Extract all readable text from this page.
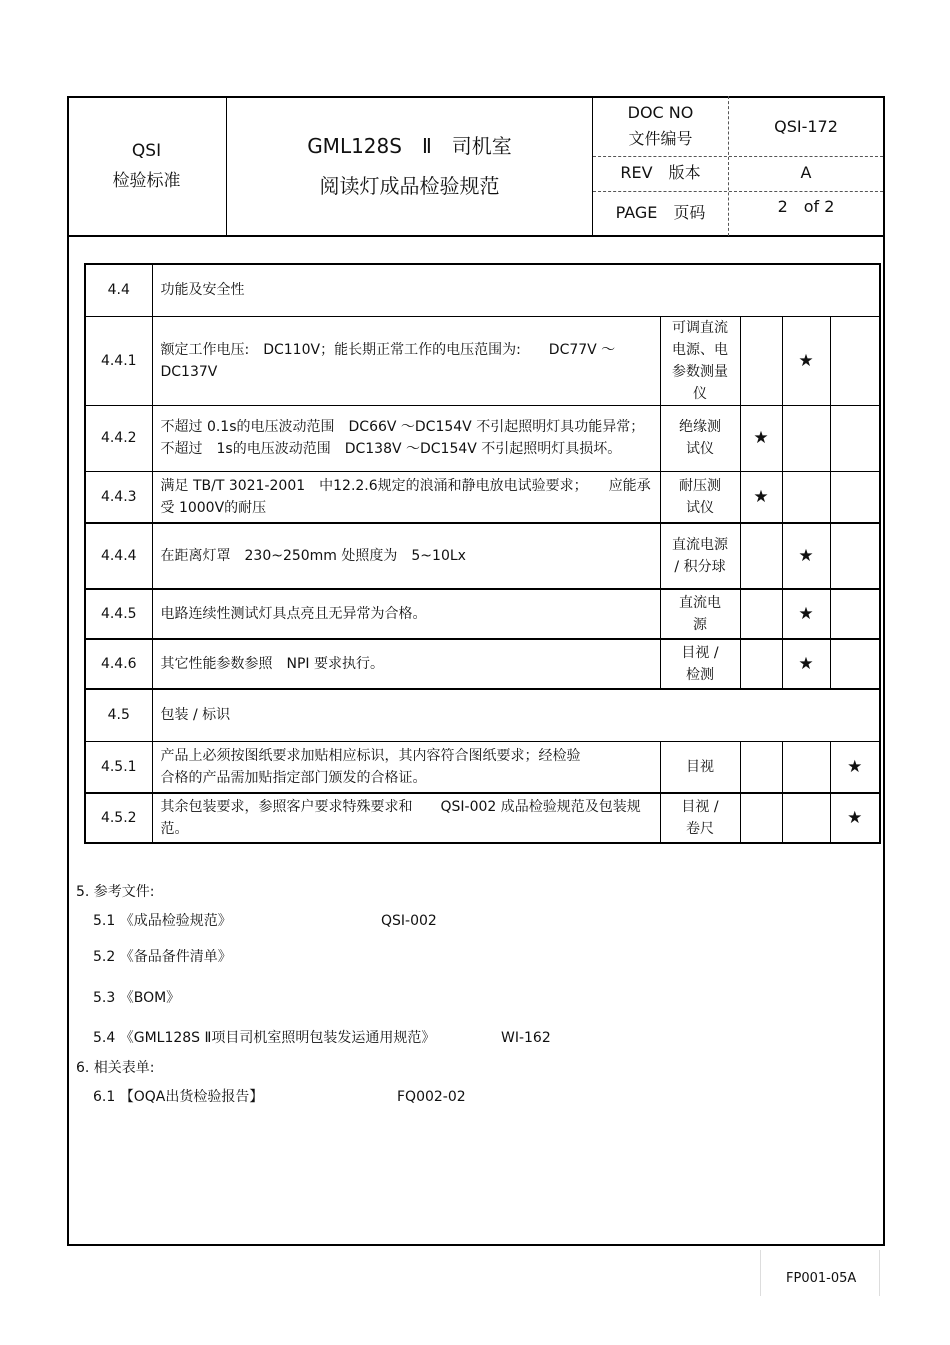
QSI
检验标准
GML128S　Ⅱ　司机室
阅读灯成品检验规范
DOC NO
文件编号
QSI-172
REV　版本	A
PAGE　页码	2　of 2
4.4	功能及安全性				
4.4.1	额定工作电压:　DC110V；能长期正常工作的电压范围为:　　DC77V ～ DC137V	可调直流电源、电参数测量仪		★	
4.4.2	不超过 0.1s的电压波动范围　DC66V ～DC154V 不引起照明灯具功能异常；不超过　1s的电压波动范围　DC138V ～DC154V 不引起照明灯具损坏。	绝缘测试仪	★		
4.4.3	满足 TB/T 3021-2001　中12.2.6规定的浪涌和静电放电试验要求；　　应能承受 1000V的耐压	耐压测试仪	★		
4.4.4	在距离灯罩　230~250mm 处照度为　5~10Lx	直流电源 / 积分球		★	
4.4.5	电路连续性测试灯具点亮且无异常为合格。	直流电源		★	
4.4.6	其它性能参数参照　NPI 要求执行。	目视 / 检测		★	
4.5	包装 / 标识				
4.5.1	产品上必须按图纸要求加贴相应标识，其内容符合图纸要求；经检验合格的产品需加贴指定部门颁发的合格证。	目视			★
4.5.2	其余包装要求，参照客户要求特殊要求和　　QSI-002 成品检验规范及包装规范。	目视 / 卷尺			★
5. 参考文件:
5.1 《成品检验规范》	QSI-002
5.2 《备品备件清单》
5.3 《BOM》
5.4 《GML128S Ⅱ项目司机室照明包装发运通用规范》	WI-162
6. 相关表单:
6.1 【OQA出货检验报告】	FQ002-02
FP001-05A
